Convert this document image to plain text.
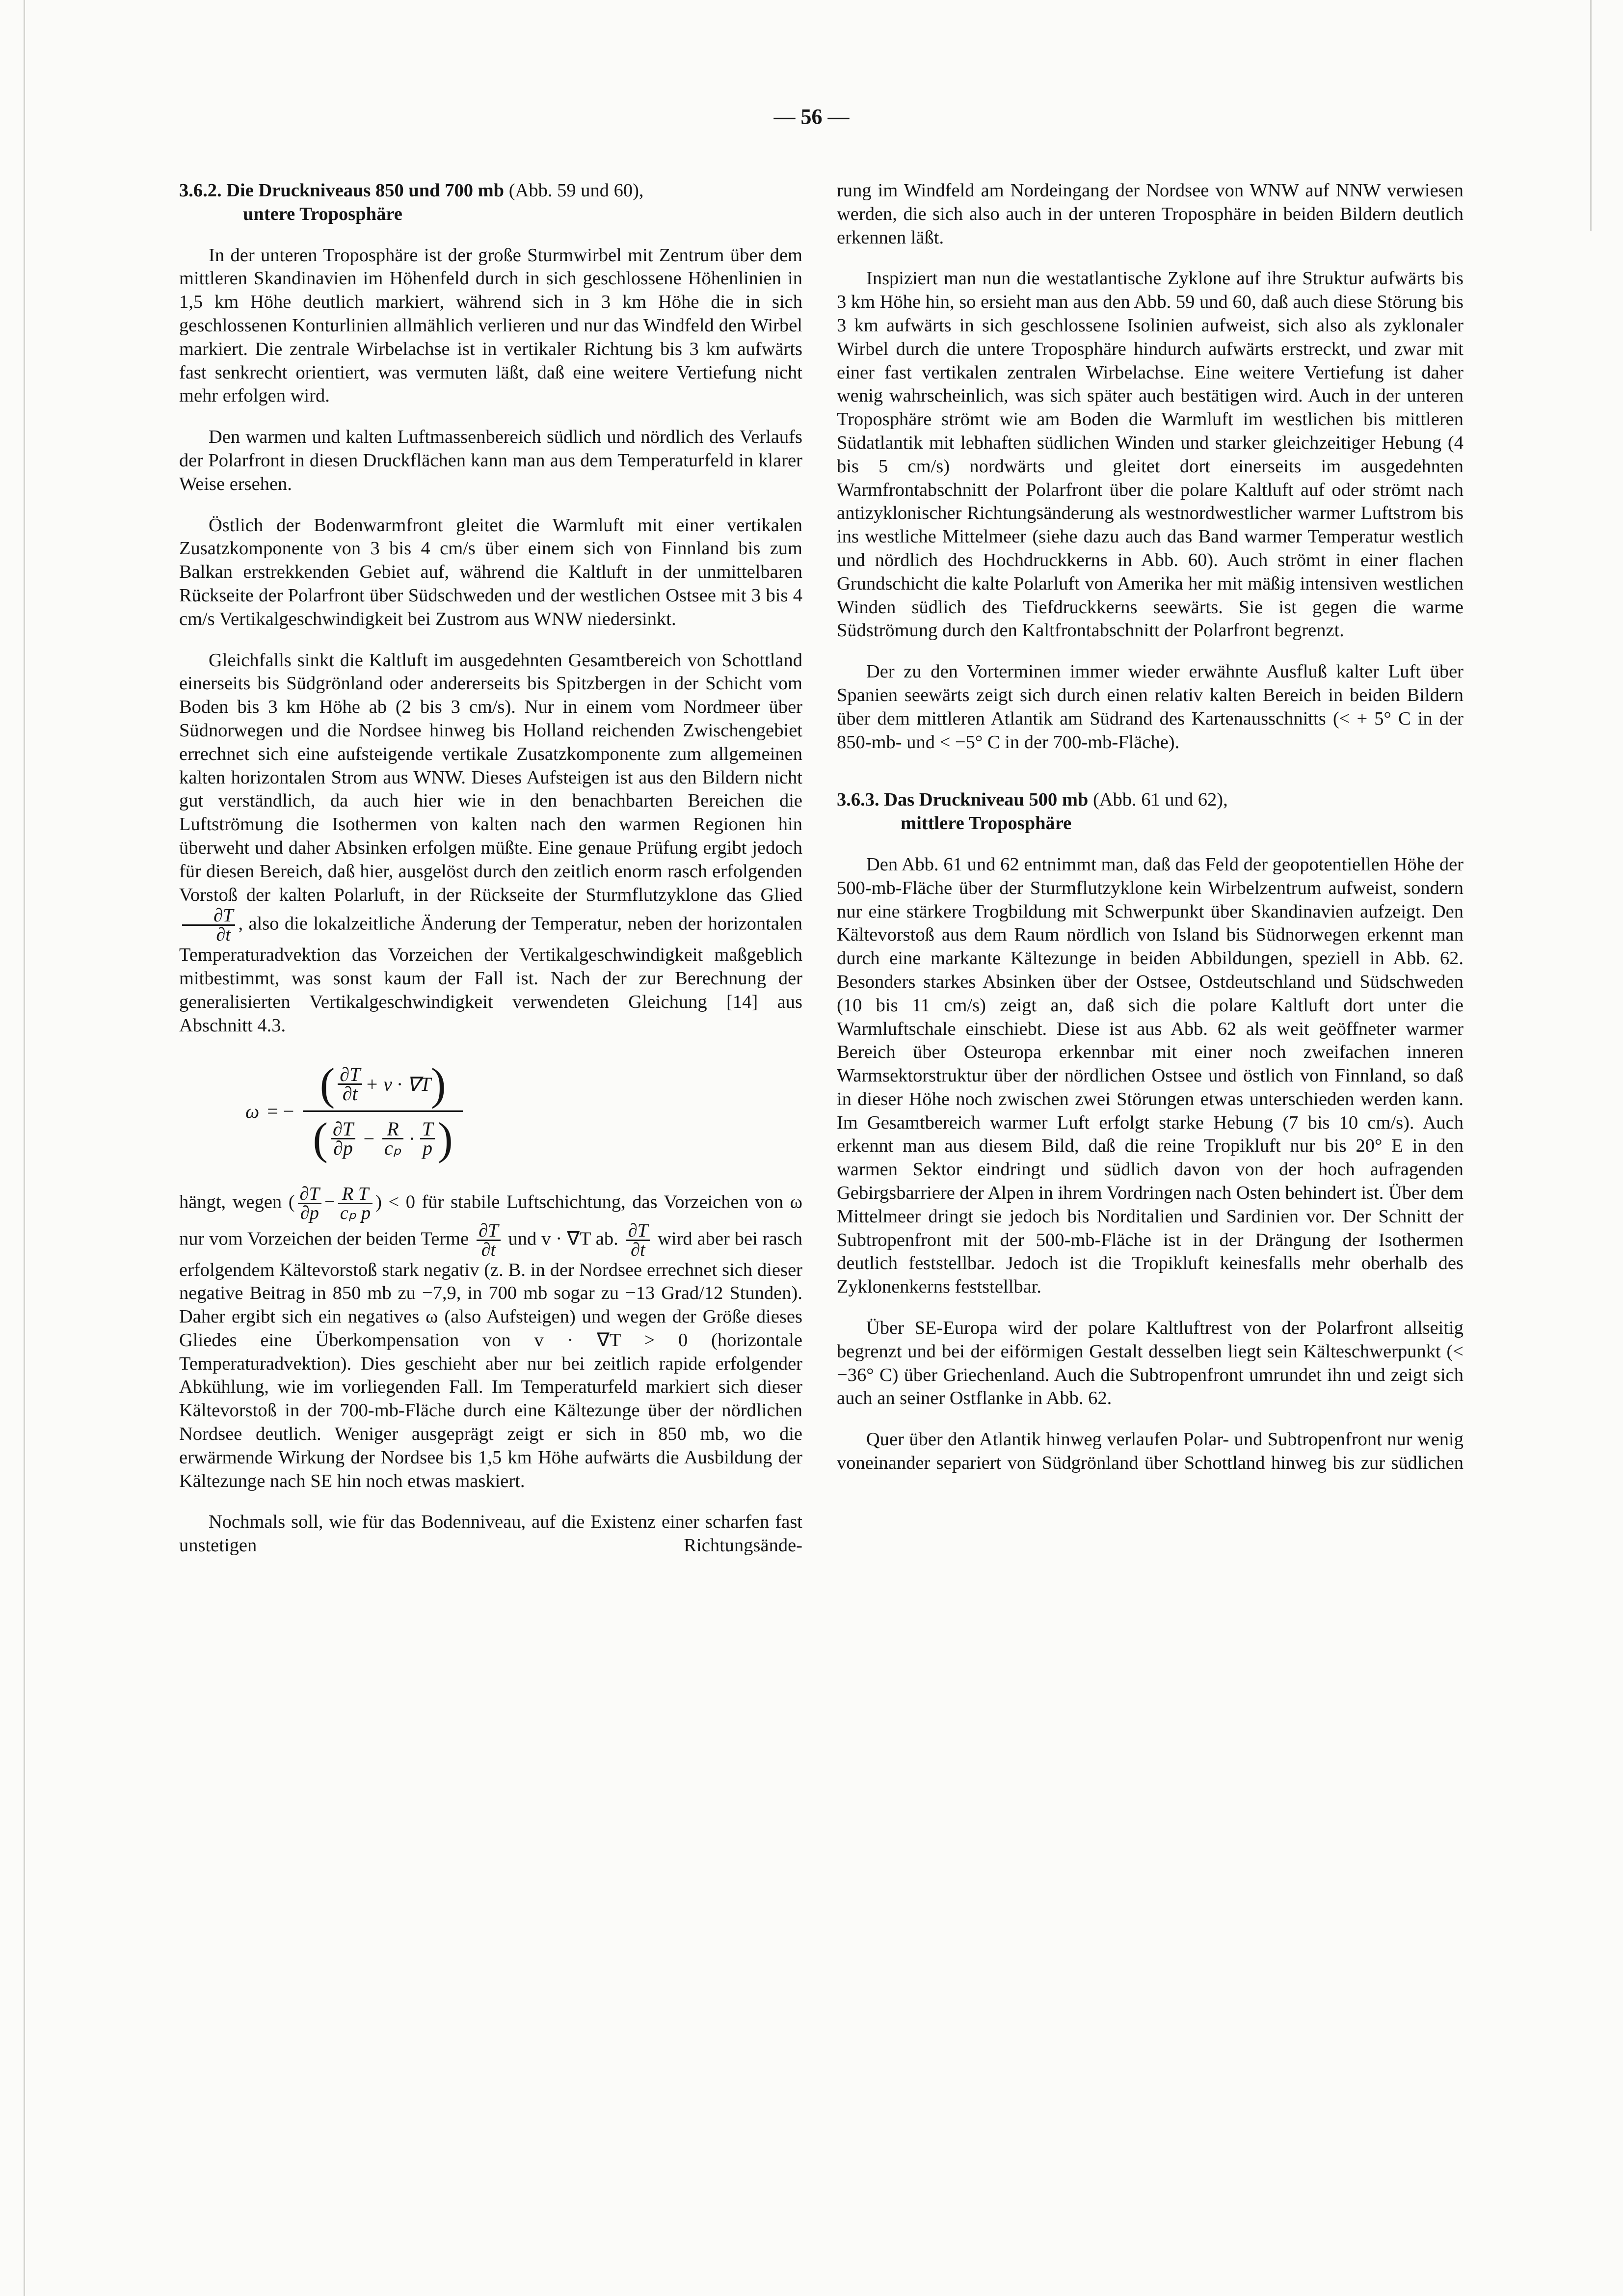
— 56 —
3.6.2. Die Druckniveaus 850 und 700 mb (Abb. 59 und 60),
untere Troposphäre

In der unteren Troposphäre ist der große Sturmwirbel mit Zentrum über dem mittleren Skandinavien im Höhenfeld durch in sich geschlossene Höhenlinien in 1,5 km Höhe deutlich markiert, während sich in 3 km Höhe die in sich geschlossenen Konturlinien allmählich verlieren und nur das Windfeld den Wirbel markiert. Die zentrale Wirbelachse ist in vertikaler Richtung bis 3 km aufwärts fast senkrecht orientiert, was vermuten läßt, daß eine weitere Vertiefung nicht mehr erfolgen wird.

Den warmen und kalten Luftmassenbereich südlich und nördlich des Verlaufs der Polarfront in diesen Druckflächen kann man aus dem Temperaturfeld in klarer Weise ersehen.

Östlich der Bodenwarmfront gleitet die Warmluft mit einer vertikalen Zusatzkomponente von 3 bis 4 cm/s über einem sich von Finnland bis zum Balkan erstrekkenden Gebiet auf, während die Kaltluft in der unmittelbaren Rückseite der Polarfront über Südschweden und der westlichen Ostsee mit 3 bis 4 cm/s Vertikalgeschwindigkeit bei Zustrom aus WNW niedersinkt.

Gleichfalls sinkt die Kaltluft im ausgedehnten Gesamtbereich von Schottland einerseits bis Südgrönland oder andererseits bis Spitzbergen in der Schicht vom Boden bis 3 km Höhe ab (2 bis 3 cm/s). Nur in einem vom Nordmeer über Südnorwegen und die Nordsee hinweg bis Holland reichenden Zwischengebiet errechnet sich eine aufsteigende vertikale Zusatzkomponente zum allgemeinen kalten horizontalen Strom aus WNW. Dieses Aufsteigen ist aus den Bildern nicht gut verständlich, da auch hier wie in den benachbarten Bereichen die Luftströmung die Isothermen von kalten nach den warmen Regionen hin überweht und daher Absinken erfolgen müßte. Eine genaue Prüfung ergibt jedoch für diesen Bereich, daß hier, ausgelöst durch den zeitlich enorm rasch erfolgenden Vorstoß der kalten Polarluft, in der Rückseite der Sturmflutzyklone das Glied
$\frac{\partial T}{\partial t}$ , also die lokalzeitliche Änderung der Temperatur, neben der horizontalen Temperaturadvektion das Vorzeichen der Vertikalgeschwindigkeit maßgeblich mitbestimmt, was sonst kaum der Fall ist. Nach der zur Berechnung der generalisierten Vertikalgeschwindigkeit verwendeten Gleichung [14] aus Abschnitt 4.3.

ω = −
( $\frac{\partial T}{\partial t} + v \cdot \nabla T$ )
( $\frac{\partial T}{\partial p} - \frac{R}{\text{cₚ}} \cdot \frac{T}{p}$ )

hängt, wegen ( $\frac{\partial T}{\partial p} - \frac{\text{R T}}{\text{cₚ p}}$ ) < 0 für stabile Luftschichtung, das Vorzeichen von ω nur vom Vorzeichen der beiden Terme $\frac{\partial T}{\partial t}$ und v · ∇T ab. $\frac{\partial T}{\partial t}$ wird aber bei rasch erfolgendem Kältevorstoß stark negativ (z. B. in der Nordsee errechnet sich dieser negative Beitrag in 850 mb zu −7,9, in 700 mb sogar zu −13 Grad/12 Stunden). Daher ergibt sich ein negatives ω (also Aufsteigen) und wegen der Größe dieses Gliedes eine Überkompensation von v · ∇T > 0 (horizontale Temperaturadvektion). Dies geschieht aber nur bei zeitlich rapide erfolgender Abkühlung, wie im vorliegenden Fall. Im Temperaturfeld markiert sich dieser Kältevorstoß in der 700-mb-Fläche durch eine Kältezunge über der nördlichen Nordsee deutlich. Weniger ausgeprägt zeigt er sich in 850 mb, wo die erwärmende Wirkung der Nordsee bis 1,5 km Höhe aufwärts die Ausbildung der Kältezunge nach SE hin noch etwas maskiert.

Nochmals soll, wie für das Bodenniveau, auf die Existenz einer scharfen fast unstetigen Richtungsände-

rung im Windfeld am Nordeingang der Nordsee von WNW auf NNW verwiesen werden, die sich also auch in der unteren Troposphäre in beiden Bildern deutlich erkennen läßt.

Inspiziert man nun die westatlantische Zyklone auf ihre Struktur aufwärts bis 3 km Höhe hin, so ersieht man aus den Abb. 59 und 60, daß auch diese Störung bis 3 km aufwärts in sich geschlossene Isolinien aufweist, sich also als zyklonaler Wirbel durch die untere Troposphäre hindurch aufwärts erstreckt, und zwar mit einer fast vertikalen zentralen Wirbelachse. Eine weitere Vertiefung ist daher wenig wahrscheinlich, was sich später auch bestätigen wird. Auch in der unteren Troposphäre strömt wie am Boden die Warmluft im westlichen bis mittleren Südatlantik mit lebhaften südlichen Winden und starker gleichzeitiger Hebung (4 bis 5 cm/s) nordwärts und gleitet dort einerseits im ausgedehnten Warmfrontabschnitt der Polarfront über die polare Kaltluft auf oder strömt nach antizyklonischer Richtungsänderung als westnordwestlicher warmer Luftstrom bis ins westliche Mittelmeer (siehe dazu auch das Band warmer Temperatur westlich und nördlich des Hochdruckkerns in Abb. 60). Auch strömt in einer flachen Grundschicht die kalte Polarluft von Amerika her mit mäßig intensiven westlichen Winden südlich des Tiefdruckkerns seewärts. Sie ist gegen die warme Südströmung durch den Kaltfrontabschnitt der Polarfront begrenzt.

Der zu den Vorterminen immer wieder erwähnte Ausfluß kalter Luft über Spanien seewärts zeigt sich durch einen relativ kalten Bereich in beiden Bildern über dem mittleren Atlantik am Südrand des Kartenausschnitts (< + 5° C in der 850-mb- und < −5° C in der 700-mb-Fläche).

3.6.3. Das Druckniveau 500 mb (Abb. 61 und 62),
mittlere Troposphäre

Den Abb. 61 und 62 entnimmt man, daß das Feld der geopotentiellen Höhe der 500-mb-Fläche über der Sturmflutzyklone kein Wirbelzentrum aufweist, sondern nur eine stärkere Trogbildung mit Schwerpunkt über Skandinavien aufzeigt. Den Kältevorstoß aus dem Raum nördlich von Island bis Südnorwegen erkennt man durch eine markante Kältezunge in beiden Abbildungen, speziell in Abb. 62. Besonders starkes Absinken über der Ostsee, Ostdeutschland und Südschweden (10 bis 11 cm/s) zeigt an, daß sich die polare Kaltluft dort unter die Warmluftschale einschiebt. Diese ist aus Abb. 62 als weit geöffneter warmer Bereich über Osteuropa erkennbar mit einer noch zweifachen inneren Warmsektorstruktur über der nördlichen Ostsee und östlich von Finnland, so daß in dieser Höhe noch zwischen zwei Störungen etwas unterschieden werden kann. Im Gesamtbereich warmer Luft erfolgt starke Hebung (7 bis 10 cm/s). Auch erkennt man aus diesem Bild, daß die reine Tropikluft nur bis 20° E in den warmen Sektor eindringt und südlich davon von der hoch aufragenden Gebirgsbarriere der Alpen in ihrem Vordringen nach Osten behindert ist. Über dem Mittelmeer dringt sie jedoch bis Norditalien und Sardinien vor. Der Schnitt der Subtropenfront mit der 500-mb-Fläche ist in der Drängung der Isothermen deutlich feststellbar. Jedoch ist die Tropikluft keinesfalls mehr oberhalb des Zyklonenkerns feststellbar.

Über SE-Europa wird der polare Kaltluftrest von der Polarfront allseitig begrenzt und bei der eiförmigen Gestalt desselben liegt sein Kälteschwerpunkt (< −36° C) über Griechenland. Auch die Subtropenfront umrundet ihn und zeigt sich auch an seiner Ostflanke in Abb. 62.

Quer über den Atlantik hinweg verlaufen Polar- und Subtropenfront nur wenig voneinander separiert von Südgrönland über Schottland hinweg bis zur südlichen
